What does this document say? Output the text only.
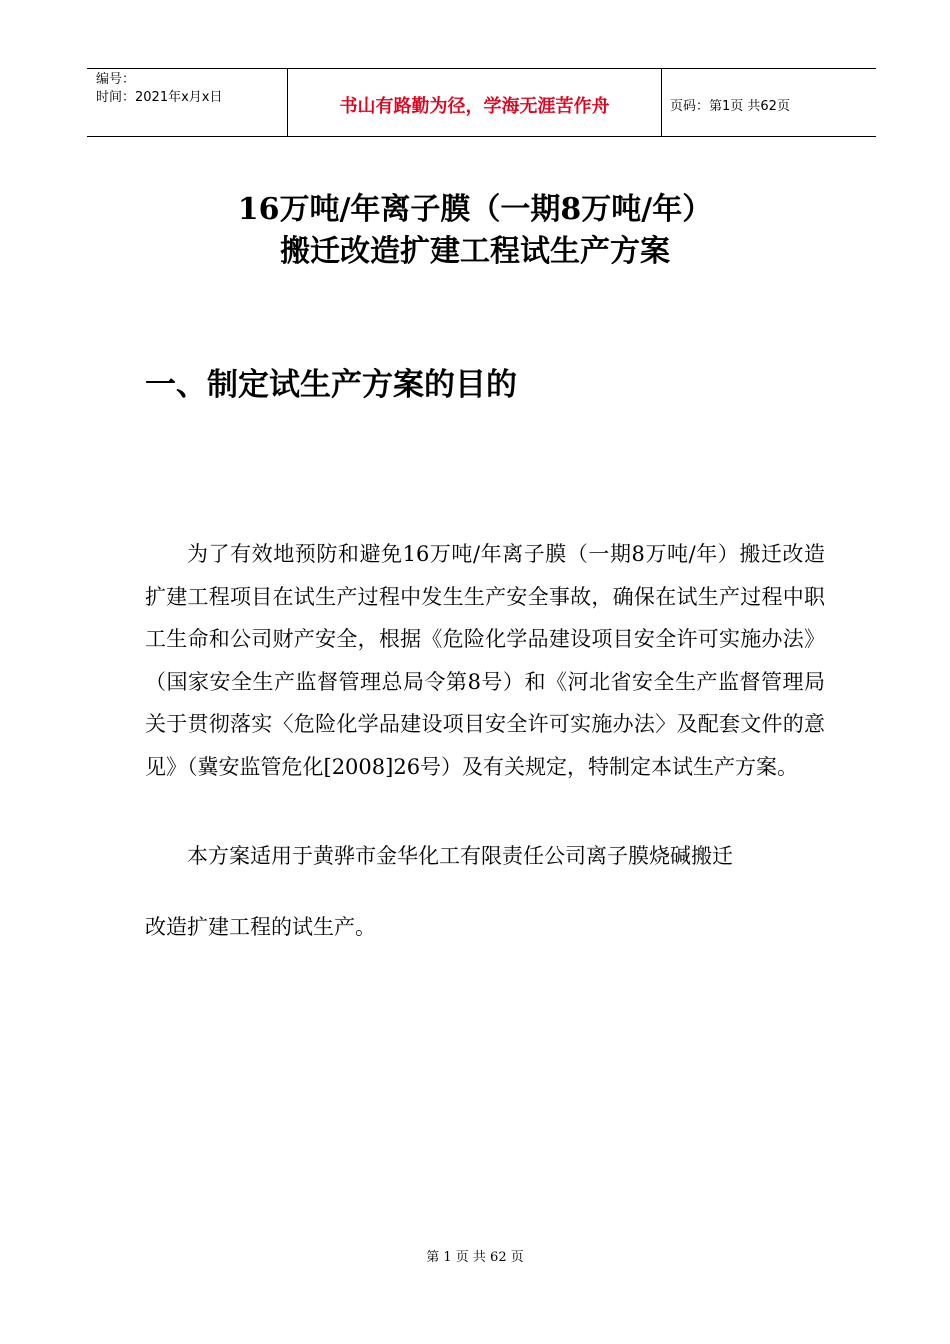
编号：
时间：2021年x月x日	书山有路勤为径，学海无涯苦作舟	页码：第1页 共62页
16万吨/年离子膜（一期8万吨/年）
搬迁改造扩建工程试生产方案
一、制定试生产方案的目的
为了有效地预防和避免16万吨/年离子膜（一期8万吨/年）搬迁改造扩建工程项目在试生产过程中发生生产安全事故，确保在试生产过程中职工生命和公司财产安全，根据《危险化学品建设项目安全许可实施办法》（国家安全生产监督管理总局令第8号）和《河北省安全生产监督管理局关于贯彻落实〈危险化学品建设项目安全许可实施办法〉及配套文件的意见》（冀安监管危化[2008]26号）及有关规定，特制定本试生产方案。
本方案适用于黄骅市金华化工有限责任公司离子膜烧碱搬迁
改造扩建工程的试生产。
第 1 页 共 62 页
